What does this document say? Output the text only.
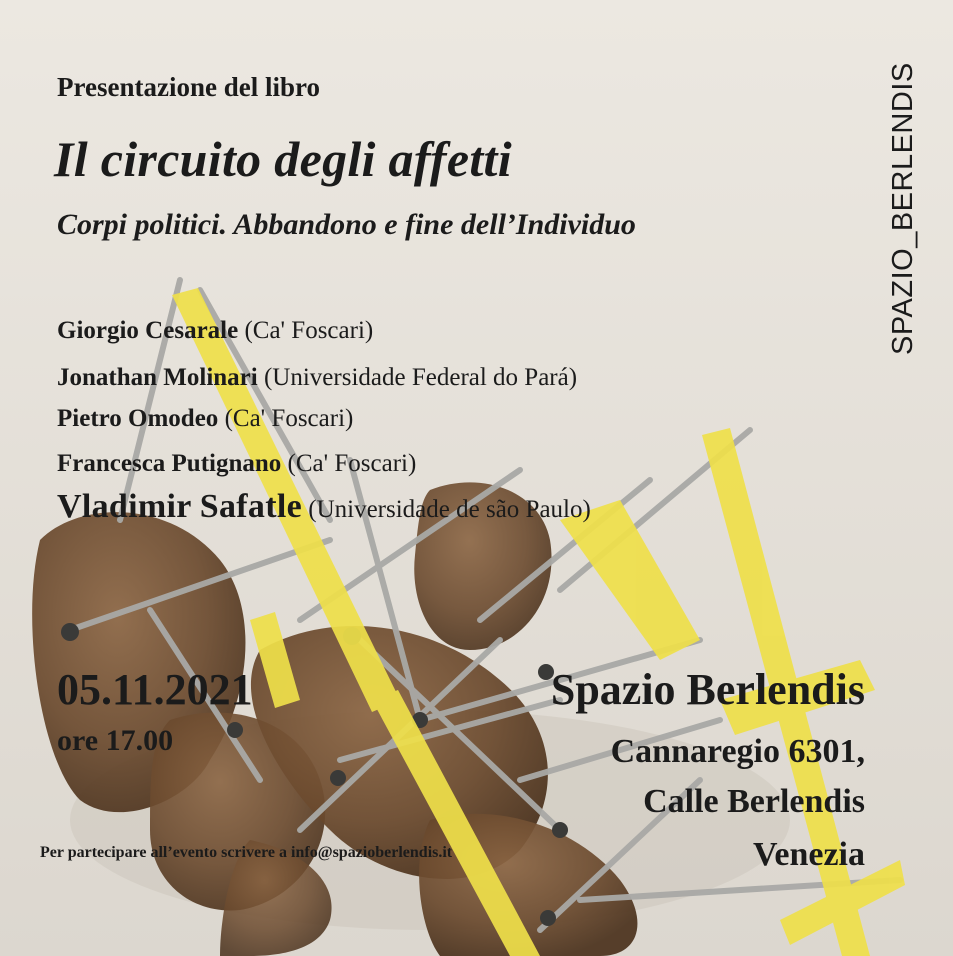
SPAZIO_BERLENDIS
Presentazione del libro
Il circuito degli affetti
Corpi politici. Abbandono e fine dell’Individuo
Giorgio Cesarale (Ca' Foscari)
Jonathan Molinari (Universidade Federal do Pará)
Pietro Omodeo (Ca' Foscari)
Francesca Putignano (Ca' Foscari)
Vladimir Safatle (Universidade de são Paulo)
05.11.2021
ore 17.00
Spazio Berlendis
Cannaregio 6301,
Calle Berlendis
Venezia
Per partecipare all’evento scrivere a info@spazioberlendis.it
